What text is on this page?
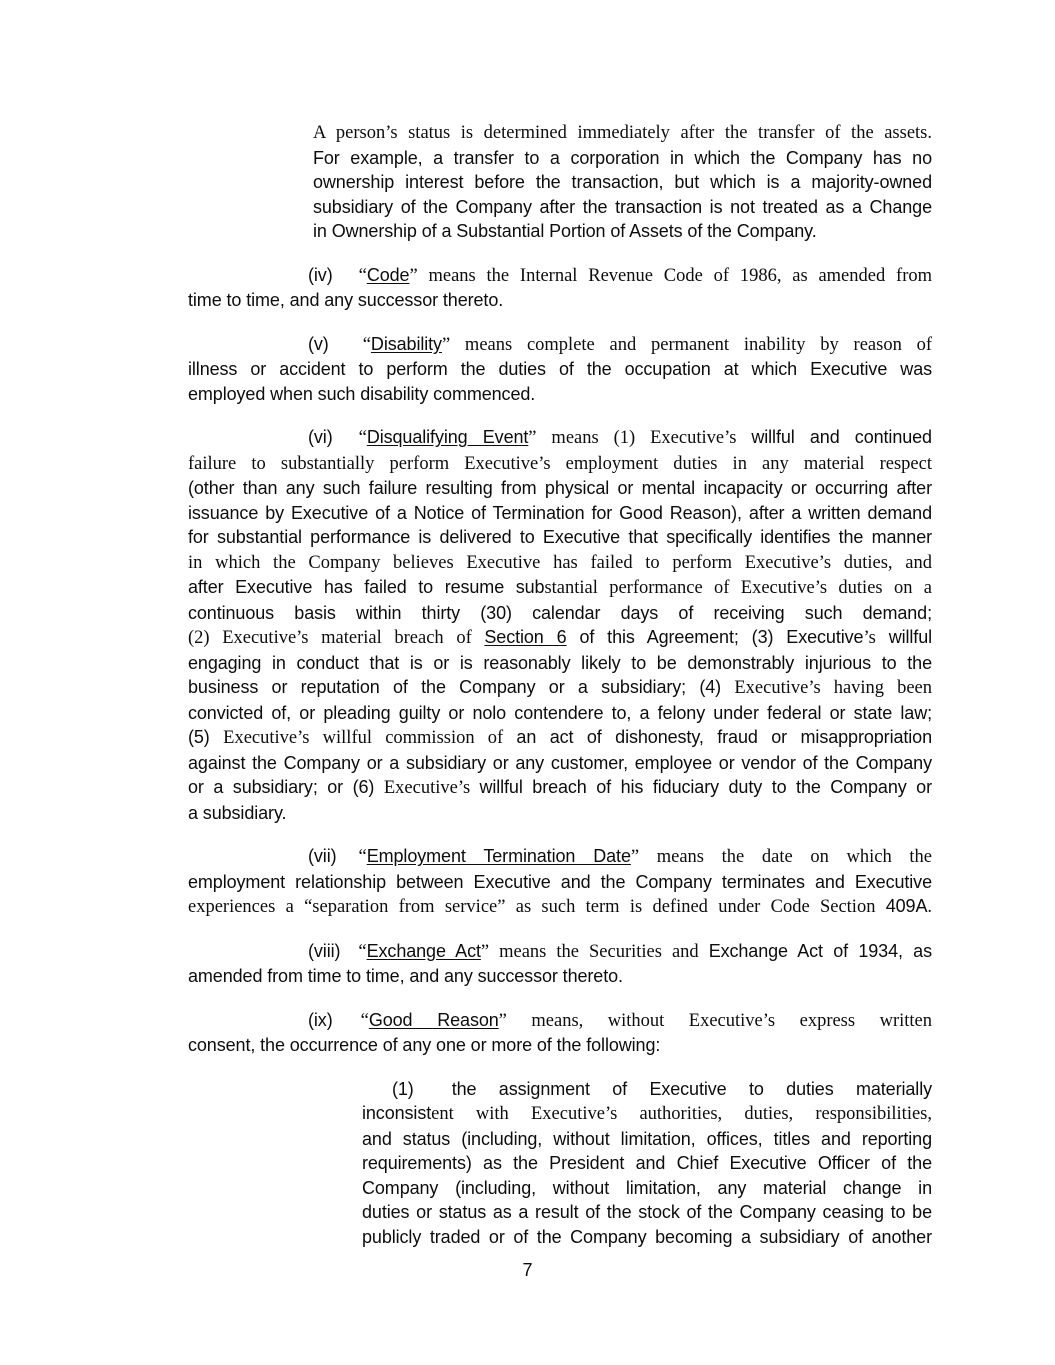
A person’s status is determined immediately after the transfer of the assets.
For example, a transfer to a corporation in which the Company has no
ownership interest before the transaction, but which is a majority-owned
subsidiary of the Company after the transaction is not treated as a Change
in Ownership of a Substantial Portion of Assets of the Company.
(iv) “Code” means the Internal Revenue Code of 1986, as amended from
time to time, and any successor thereto.
(v) “Disability” means complete and permanent inability by reason of
illness or accident to perform the duties of the occupation at which Executive was
employed when such disability commenced.
(vi) “Disqualifying Event” means (1) Executive’s willful and continued
failure to substantially perform Executive’s employment duties in any material respect
(other than any such failure resulting from physical or mental incapacity or occurring after
issuance by Executive of a Notice of Termination for Good Reason), after a written demand
for substantial performance is delivered to Executive that specifically identifies the manner
in which the Company believes Executive has failed to perform Executive’s duties, and
after Executive has failed to resume substantial performance of Executive’s duties on a
continuous basis within thirty (30) calendar days of receiving such demand;
(2) Executive’s material breach of Section 6 of this Agreement; (3) Executive’s willful
engaging in conduct that is or is reasonably likely to be demonstrably injurious to the
business or reputation of the Company or a subsidiary; (4) Executive’s having been
convicted of, or pleading guilty or nolo contendere to, a felony under federal or state law;
(5) Executive’s willful commission of an act of dishonesty, fraud or misappropriation
against the Company or a subsidiary or any customer, employee or vendor of the Company
or a subsidiary; or (6) Executive’s willful breach of his fiduciary duty to the Company or
a subsidiary.
(vii) “Employment Termination Date” means the date on which the
employment relationship between Executive and the Company terminates and Executive
experiences a “separation from service” as such term is defined under Code Section 409A.
(viii) “Exchange Act” means the Securities and Exchange Act of 1934, as
amended from time to time, and any successor thereto.
(ix) “Good Reason” means, without Executive’s express written
consent, the occurrence of any one or more of the following:
(1) the assignment of Executive to duties materially
inconsistent with Executive’s authorities, duties, responsibilities,
and status (including, without limitation, offices, titles and reporting
requirements) as the President and Chief Executive Officer of the
Company (including, without limitation, any material change in
duties or status as a result of the stock of the Company ceasing to be
publicly traded or of the Company becoming a subsidiary of another
7
